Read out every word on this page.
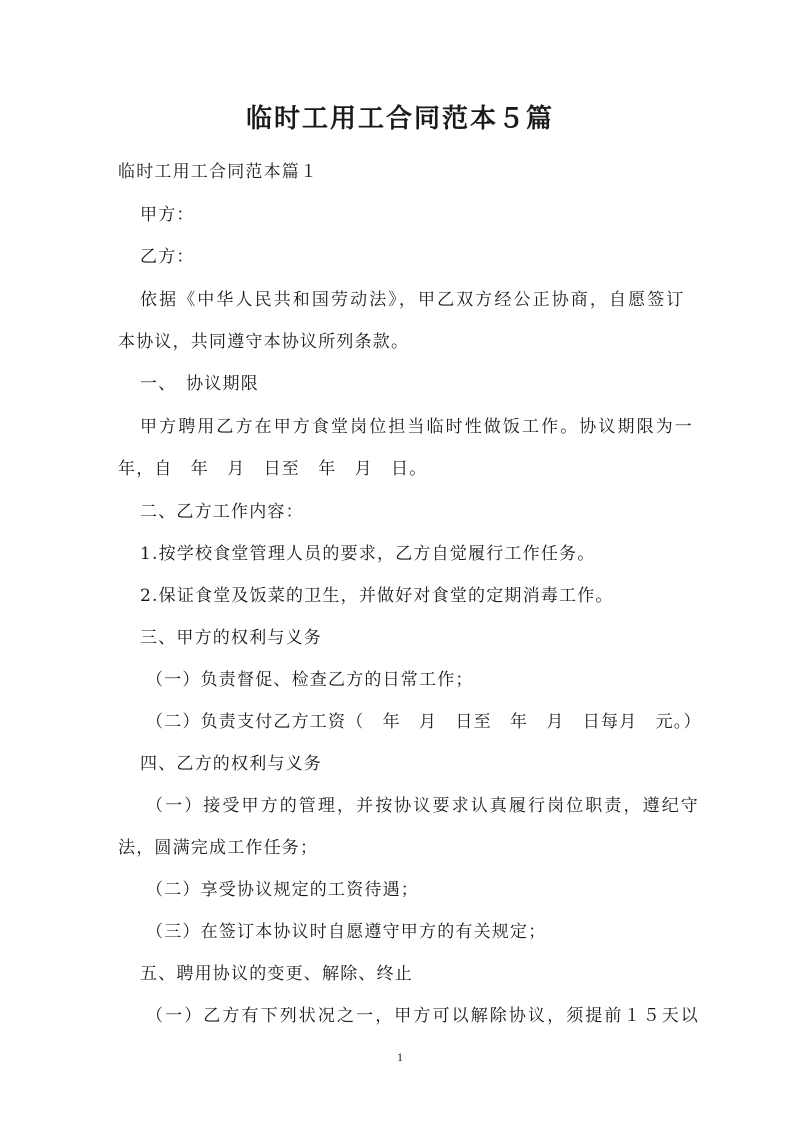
临时工用工合同范本５篇
临时工用工合同范本篇１
甲方：
乙方：
依据《中华人民共和国劳动法》，甲乙双方经公正协商，自愿签订
本协议，共同遵守本协议所列条款。
一、　协议期限
甲方聘用乙方在甲方食堂岗位担当临时性做饭工作。协议期限为一
年，自　年　月　日至　年　月　日。
二、乙方工作内容：
1.按学校食堂管理人员的要求，乙方自觉履行工作任务。
2.保证食堂及饭菜的卫生，并做好对食堂的定期消毒工作。
三、甲方的权利与义务
（一）负责督促、检查乙方的日常工作；
（二）负责支付乙方工资（　年　月　日至　年　月　日每月　元。）
四、乙方的权利与义务
（一）接受甲方的管理，并按协议要求认真履行岗位职责，遵纪守
法，圆满完成工作任务；
（二）享受协议规定的工资待遇；
（三）在签订本协议时自愿遵守甲方的有关规定；
五、聘用协议的变更、解除、终止
（一）乙方有下列状况之一，甲方可以解除协议，须提前１５天以
1
